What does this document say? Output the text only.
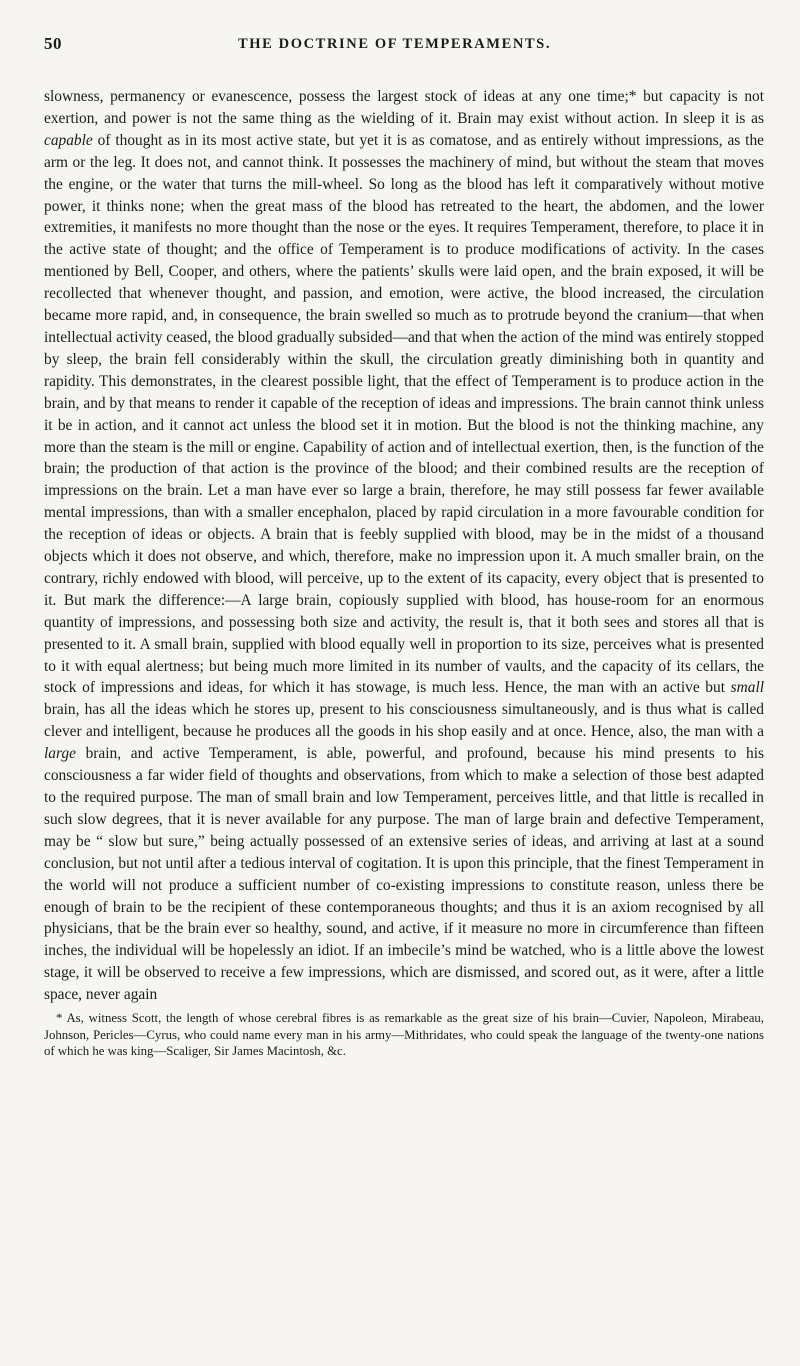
50	THE DOCTRINE OF TEMPERAMENTS.

slowness, permanency or evanescence, possess the largest stock of ideas at any one time;* but capacity is not exertion, and power is not the same thing as the wielding of it. Brain may exist without action. In sleep it is as capable of thought as in its most active state, but yet it is as comatose, and as entirely without impressions, as the arm or the leg. It does not, and cannot think. It possesses the machinery of mind, but without the steam that moves the engine, or the water that turns the mill-wheel. So long as the blood has left it comparatively without motive power, it thinks none; when the great mass of the blood has retreated to the heart, the abdomen, and the lower extremities, it manifests no more thought than the nose or the eyes. It requires Temperament, therefore, to place it in the active state of thought; and the office of Temperament is to produce modifications of activity. In the cases mentioned by Bell, Cooper, and others, where the patients’ skulls were laid open, and the brain exposed, it will be recollected that whenever thought, and passion, and emotion, were active, the blood increased, the circulation became more rapid, and, in consequence, the brain swelled so much as to protrude beyond the cranium—that when intellectual activity ceased, the blood gradually subsided—and that when the action of the mind was entirely stopped by sleep, the brain fell considerably within the skull, the circulation greatly diminishing both in quantity and rapidity. This demonstrates, in the clearest possible light, that the effect of Temperament is to produce action in the brain, and by that means to render it capable of the reception of ideas and impressions. The brain cannot think unless it be in action, and it cannot act unless the blood set it in motion. But the blood is not the thinking machine, any more than the steam is the mill or engine. Capability of action and of intellectual exertion, then, is the function of the brain; the production of that action is the province of the blood; and their combined results are the reception of impressions on the brain. Let a man have ever so large a brain, therefore, he may still possess far fewer available mental impressions, than with a smaller encephalon, placed by rapid circulation in a more favourable condition for the reception of ideas or objects. A brain that is feebly supplied with blood, may be in the midst of a thousand objects which it does not observe, and which, therefore, make no impression upon it. A much smaller brain, on the contrary, richly endowed with blood, will perceive, up to the extent of its capacity, every object that is presented to it. But mark the difference:—A large brain, copiously supplied with blood, has house-room for an enormous quantity of impressions, and possessing both size and activity, the result is, that it both sees and stores all that is presented to it. A small brain, supplied with blood equally well in proportion to its size, perceives what is presented to it with equal alertness; but being much more limited in its number of vaults, and the capacity of its cellars, the stock of impressions and ideas, for which it has stowage, is much less. Hence, the man with an active but small brain, has all the ideas which he stores up, present to his consciousness simultaneously, and is thus what is called clever and intelligent, because he produces all the goods in his shop easily and at once. Hence, also, the man with a large brain, and active Temperament, is able, powerful, and profound, because his mind presents to his consciousness a far wider field of thoughts and observations, from which to make a selection of those best adapted to the required purpose. The man of small brain and low Temperament, perceives little, and that little is recalled in such slow degrees, that it is never available for any purpose. The man of large brain and defective Temperament, may be “ slow but sure,” being actually possessed of an extensive series of ideas, and arriving at last at a sound conclusion, but not until after a tedious interval of cogitation. It is upon this principle, that the finest Temperament in the world will not produce a sufficient number of co-existing impressions to constitute reason, unless there be enough of brain to be the recipient of these contemporaneous thoughts; and thus it is an axiom recognised by all physicians, that be the brain ever so healthy, sound, and active, if it measure no more in circumference than fifteen inches, the individual will be hopelessly an idiot. If an imbecile’s mind be watched, who is a little above the lowest stage, it will be observed to receive a few impressions, which are dismissed, and scored out, as it were, after a little space, never again

* As, witness Scott, the length of whose cerebral fibres is as remarkable as the great size of his brain—Cuvier, Napoleon, Mirabeau, Johnson, Pericles—Cyrus, who could name every man in his army—Mithridates, who could speak the language of the twenty-one nations of which he was king—Scaliger, Sir James Macintosh, &c.
